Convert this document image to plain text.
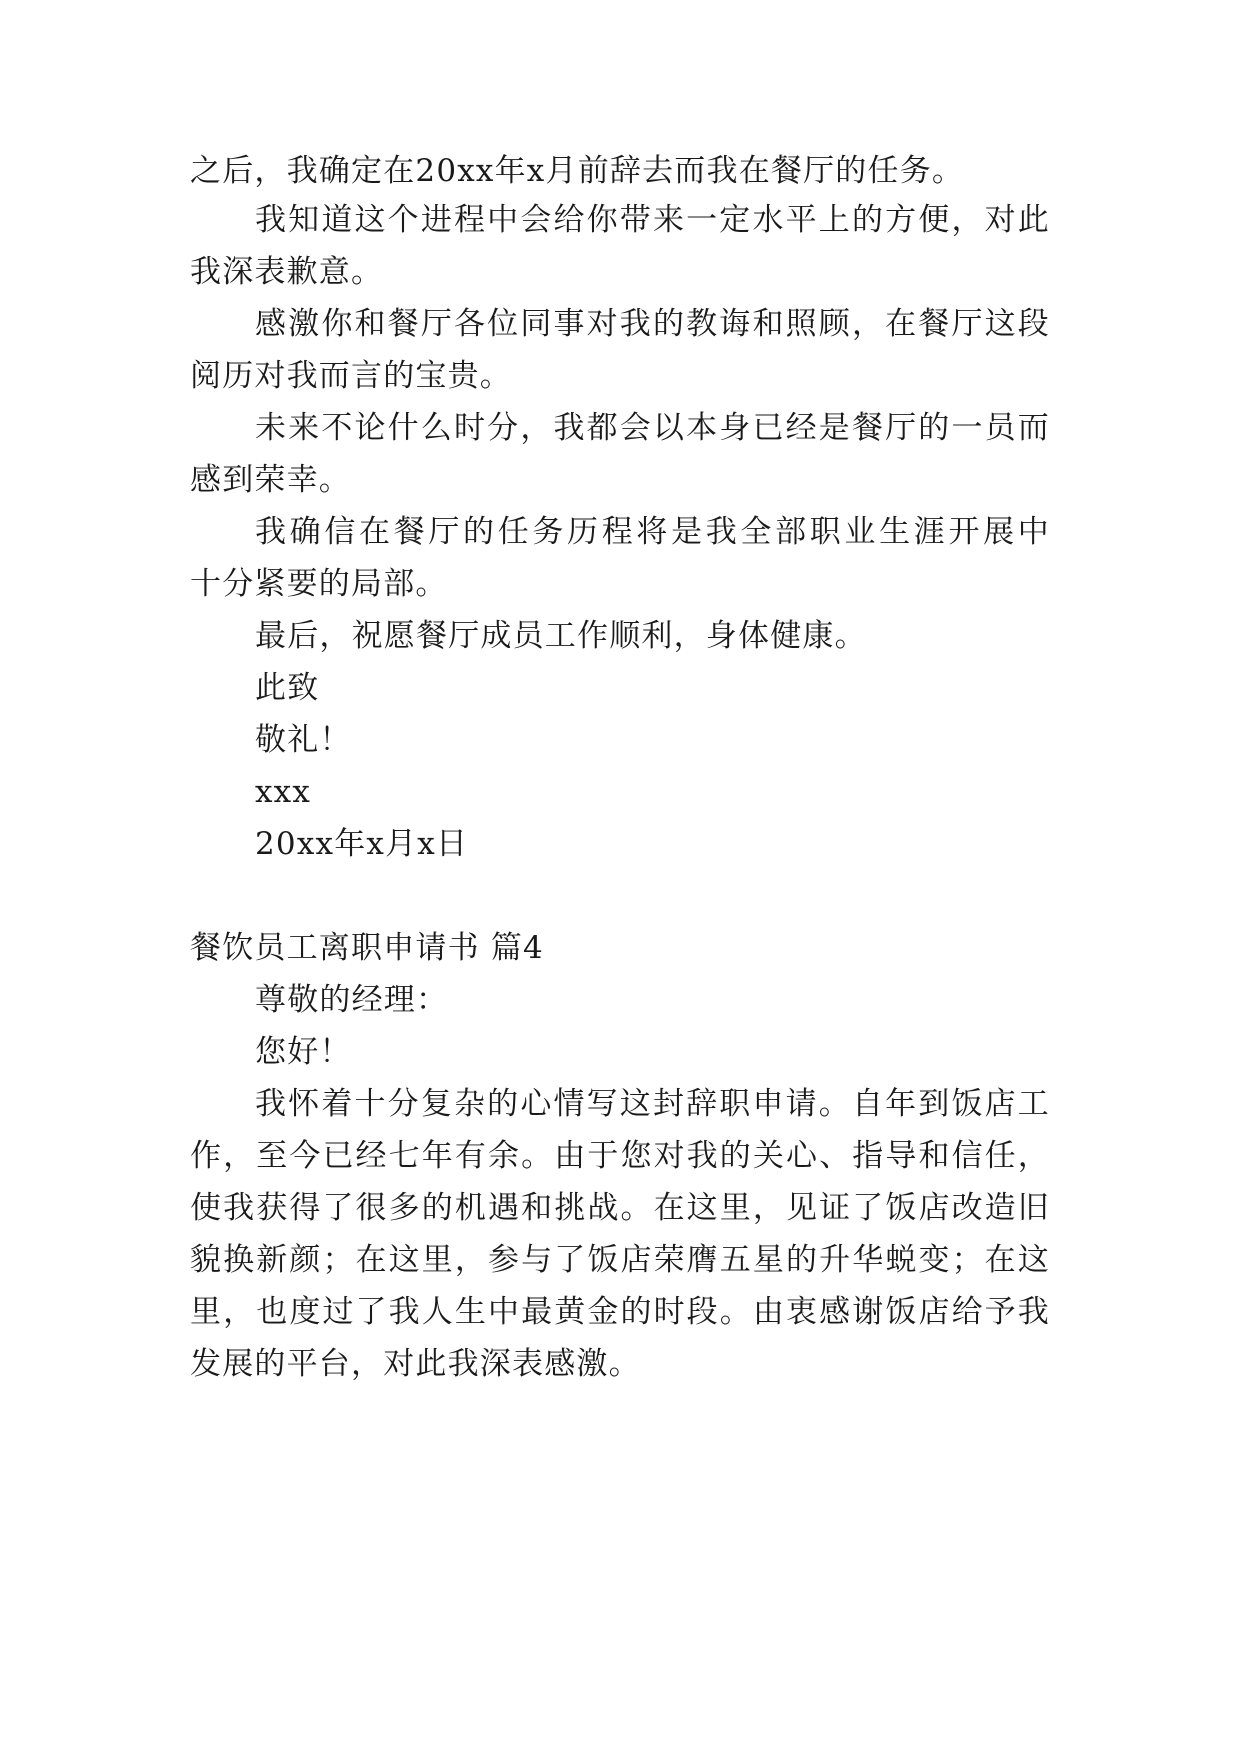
之后，我确定在20xx年x月前辞去而我在餐厅的任务。
我知道这个进程中会给你带来一定水平上的方便，对此
我深表歉意。
感激你和餐厅各位同事对我的教诲和照顾，在餐厅这段
阅历对我而言的宝贵。
未来不论什么时分，我都会以本身已经是餐厅的一员而
感到荣幸。
我确信在餐厅的任务历程将是我全部职业生涯开展中
十分紧要的局部。
最后，祝愿餐厅成员工作顺利，身体健康。
此致
敬礼！
xxx
20xx年x月x日
餐饮员工离职申请书 篇4
尊敬的经理：
您好！
我怀着十分复杂的心情写这封辞职申请。自年到饭店工
作，至今已经七年有余。由于您对我的关心、指导和信任，
使我获得了很多的机遇和挑战。在这里，见证了饭店改造旧
貌换新颜；在这里，参与了饭店荣膺五星的升华蜕变；在这
里，也度过了我人生中最黄金的时段。由衷感谢饭店给予我
发展的平台，对此我深表感激。
